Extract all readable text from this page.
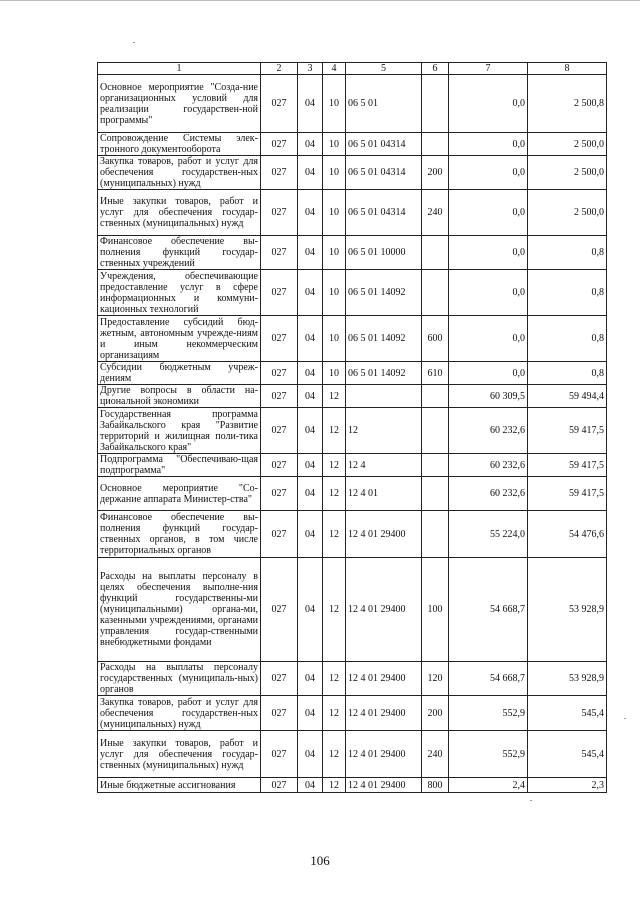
1	2	3	4	5	6	7	8
Основное мероприятие "Созда-ние организационных условий для реализации государствен-ной программы"	027	04	10	06 5 01		0,0	2 500,8
Сопровождение Системы элек-тронного документооборота	027	04	10	06 5 01 04314		0,0	2 500,0
Закупка товаров, работ и услуг для обеспечения государствен-ных (муниципальных) нужд	027	04	10	06 5 01 04314	200	0,0	2 500,0
Иные закупки товаров, работ и услуг для обеспечения государ-ственных (муниципальных) нужд	027	04	10	06 5 01 04314	240	0,0	2 500,0
Финансовое обеспечение вы-полнения функций государ-ственных учреждений	027	04	10	06 5 01 10000		0,0	0,8
Учреждения, обеспечивающие предоставление услуг в сфере информационных и коммуни-кационных технологий	027	04	10	06 5 01 14092		0,0	0,8
Предоставление субсидий бюд-жетным, автономным учрежде-ниям и иным некоммерческим организациям	027	04	10	06 5 01 14092	600	0,0	0,8
Субсидии бюджетным учреж-дениям	027	04	10	06 5 01 14092	610	0,0	0,8
Другие вопросы в области на-циональной экономики	027	04	12			60 309,5	59 494,4
Государственная программа Забайкальского края "Развитие территорий и жилищная поли-тика Забайкальского края"	027	04	12	12		60 232,6	59 417,5
Подпрограмма "Обеспечиваю-щая подпрограмма"	027	04	12	12 4		60 232,6	59 417,5
Основное мероприятие "Со-держание аппарата Министер-ства"	027	04	12	12 4 01		60 232,6	59 417,5
Финансовое обеспечение вы-полнения функций государ-ственных органов, в том числе территориальных органов	027	04	12	12 4 01 29400		55 224,0	54 476,6
Расходы на выплаты персоналу в целях обеспечения выполне-ния функций государственны-ми (муниципальными) органа-ми, казенными учреждениями, органами управления государ-ственными внебюджетными фондами	027	04	12	12 4 01 29400	100	54 668,7	53 928,9
Расходы на выплаты персоналу государственных (муниципаль-ных) органов	027	04	12	12 4 01 29400	120	54 668,7	53 928,9
Закупка товаров, работ и услуг для обеспечения государствен-ных (муниципальных) нужд	027	04	12	12 4 01 29400	200	552,9	545,4
Иные закупки товаров, работ и услуг для обеспечения государ-ственных (муниципальных) нужд	027	04	12	12 4 01 29400	240	552,9	545,4
Иные бюджетные ассигнования	027	04	12	12 4 01 29400	800	2,4	2,3
106
